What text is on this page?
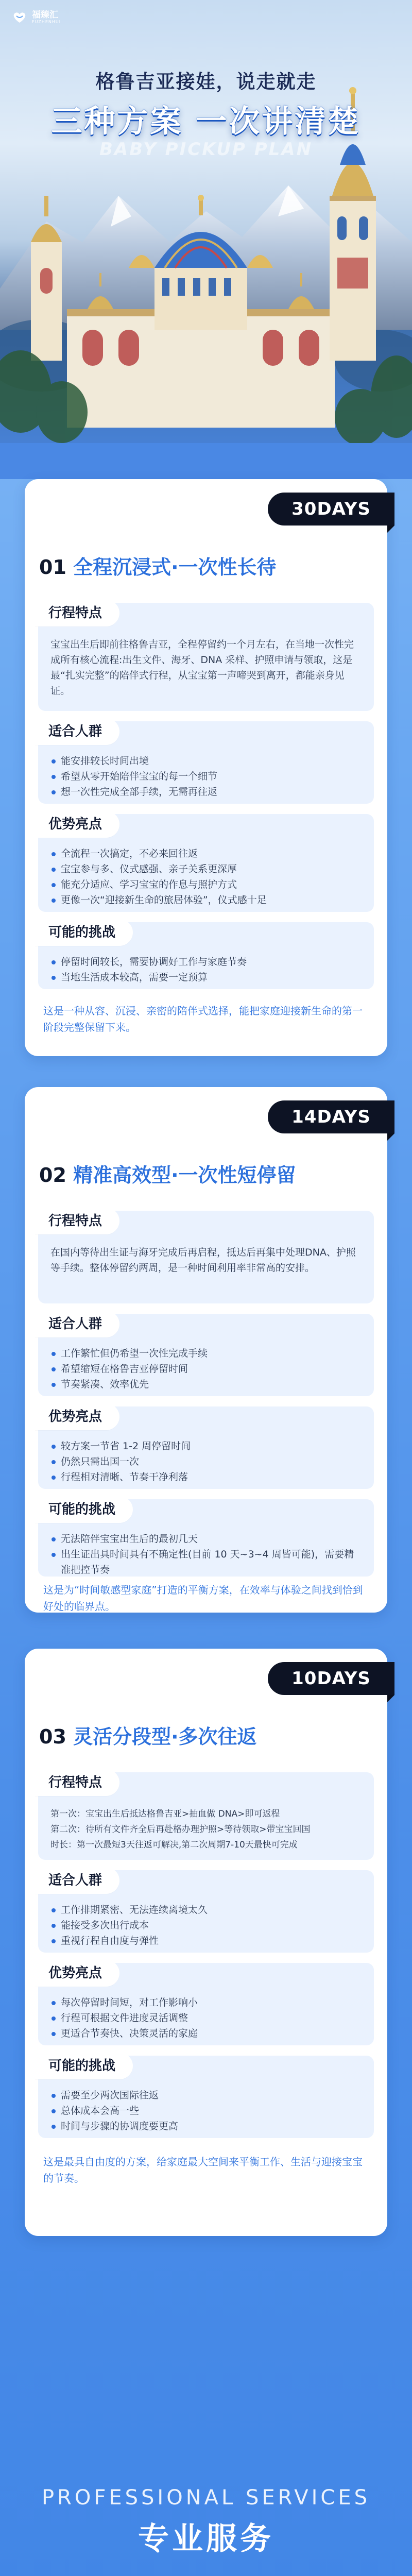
福臻汇
FUZHENHUI
格鲁吉亚接娃，说走就走
三种方案 一次讲清楚
BABY PICKUP PLAN
30DAYS
01 全程沉浸式·一次性长待
行程特点
宝宝出生后即前往格鲁吉亚，全程停留约一个月左右，在当地一次性完成所有核心流程:出生文件、海牙、DNA 采样、护照申请与领取，这是最“扎实完整”的陪伴式行程，从宝宝第一声啼哭到离开，都能亲身见证。
适合人群
能安排较长时间出境
希望从零开始陪伴宝宝的每一个细节
想一次性完成全部手续，无需再往返
优势亮点
全流程一次搞定，不必来回往返
宝宝参与多、仪式感强、亲子关系更深厚
能充分适应、学习宝宝的作息与照护方式
更像一次“迎接新生命的旅居体验”，仪式感十足
可能的挑战
停留时间较长，需要协调好工作与家庭节奏
当地生活成本较高，需要一定预算
这是一种从容、沉浸、亲密的陪伴式选择，能把家庭迎接新生命的第一阶段完整保留下来。
14DAYS
02 精准高效型·一次性短停留
行程特点
在国内等待出生证与海牙完成后再启程，抵达后再集中处理DNA、护照等手续。整体停留约两周，是一种时间利用率非常高的安排。
适合人群
工作繁忙但仍希望一次性完成手续
希望缩短在格鲁吉亚停留时间
节奏紧凑、效率优先
优势亮点
较方案一节省 1-2 周停留时间
仍然只需出国一次
行程相对清晰、节奏干净利落
可能的挑战
无法陪伴宝宝出生后的最初几天
出生证出具时间具有不确定性(目前 10 天~3~4 周皆可能)，需要精准把控节奏
这是为“时间敏感型家庭”打造的平衡方案，在效率与体验之间找到恰到好处的临界点。
10DAYS
03 灵活分段型·多次往返
行程特点

第一次：宝宝出生后抵达格鲁吉亚>抽血做 DNA>即可返程

第二次：待所有文件齐全后再赴格办理护照>等待领取>带宝宝回国

时长：第一次最短3天往返可解决,第二次周期7-10天最快可完成

适合人群
工作排期紧密、无法连续离境太久
能接受多次出行成本
重视行程自由度与弹性
优势亮点
每次停留时间短，对工作影响小
行程可根据文件进度灵活调整
更适合节奏快、决策灵活的家庭
可能的挑战
需要至少两次国际往返
总体成本会高一些
时间与步骤的协调度要更高
这是最具自由度的方案，给家庭最大空间来平衡工作、生活与迎接宝宝的节奏。
PROFESSIONAL SERVICES
专业服务
